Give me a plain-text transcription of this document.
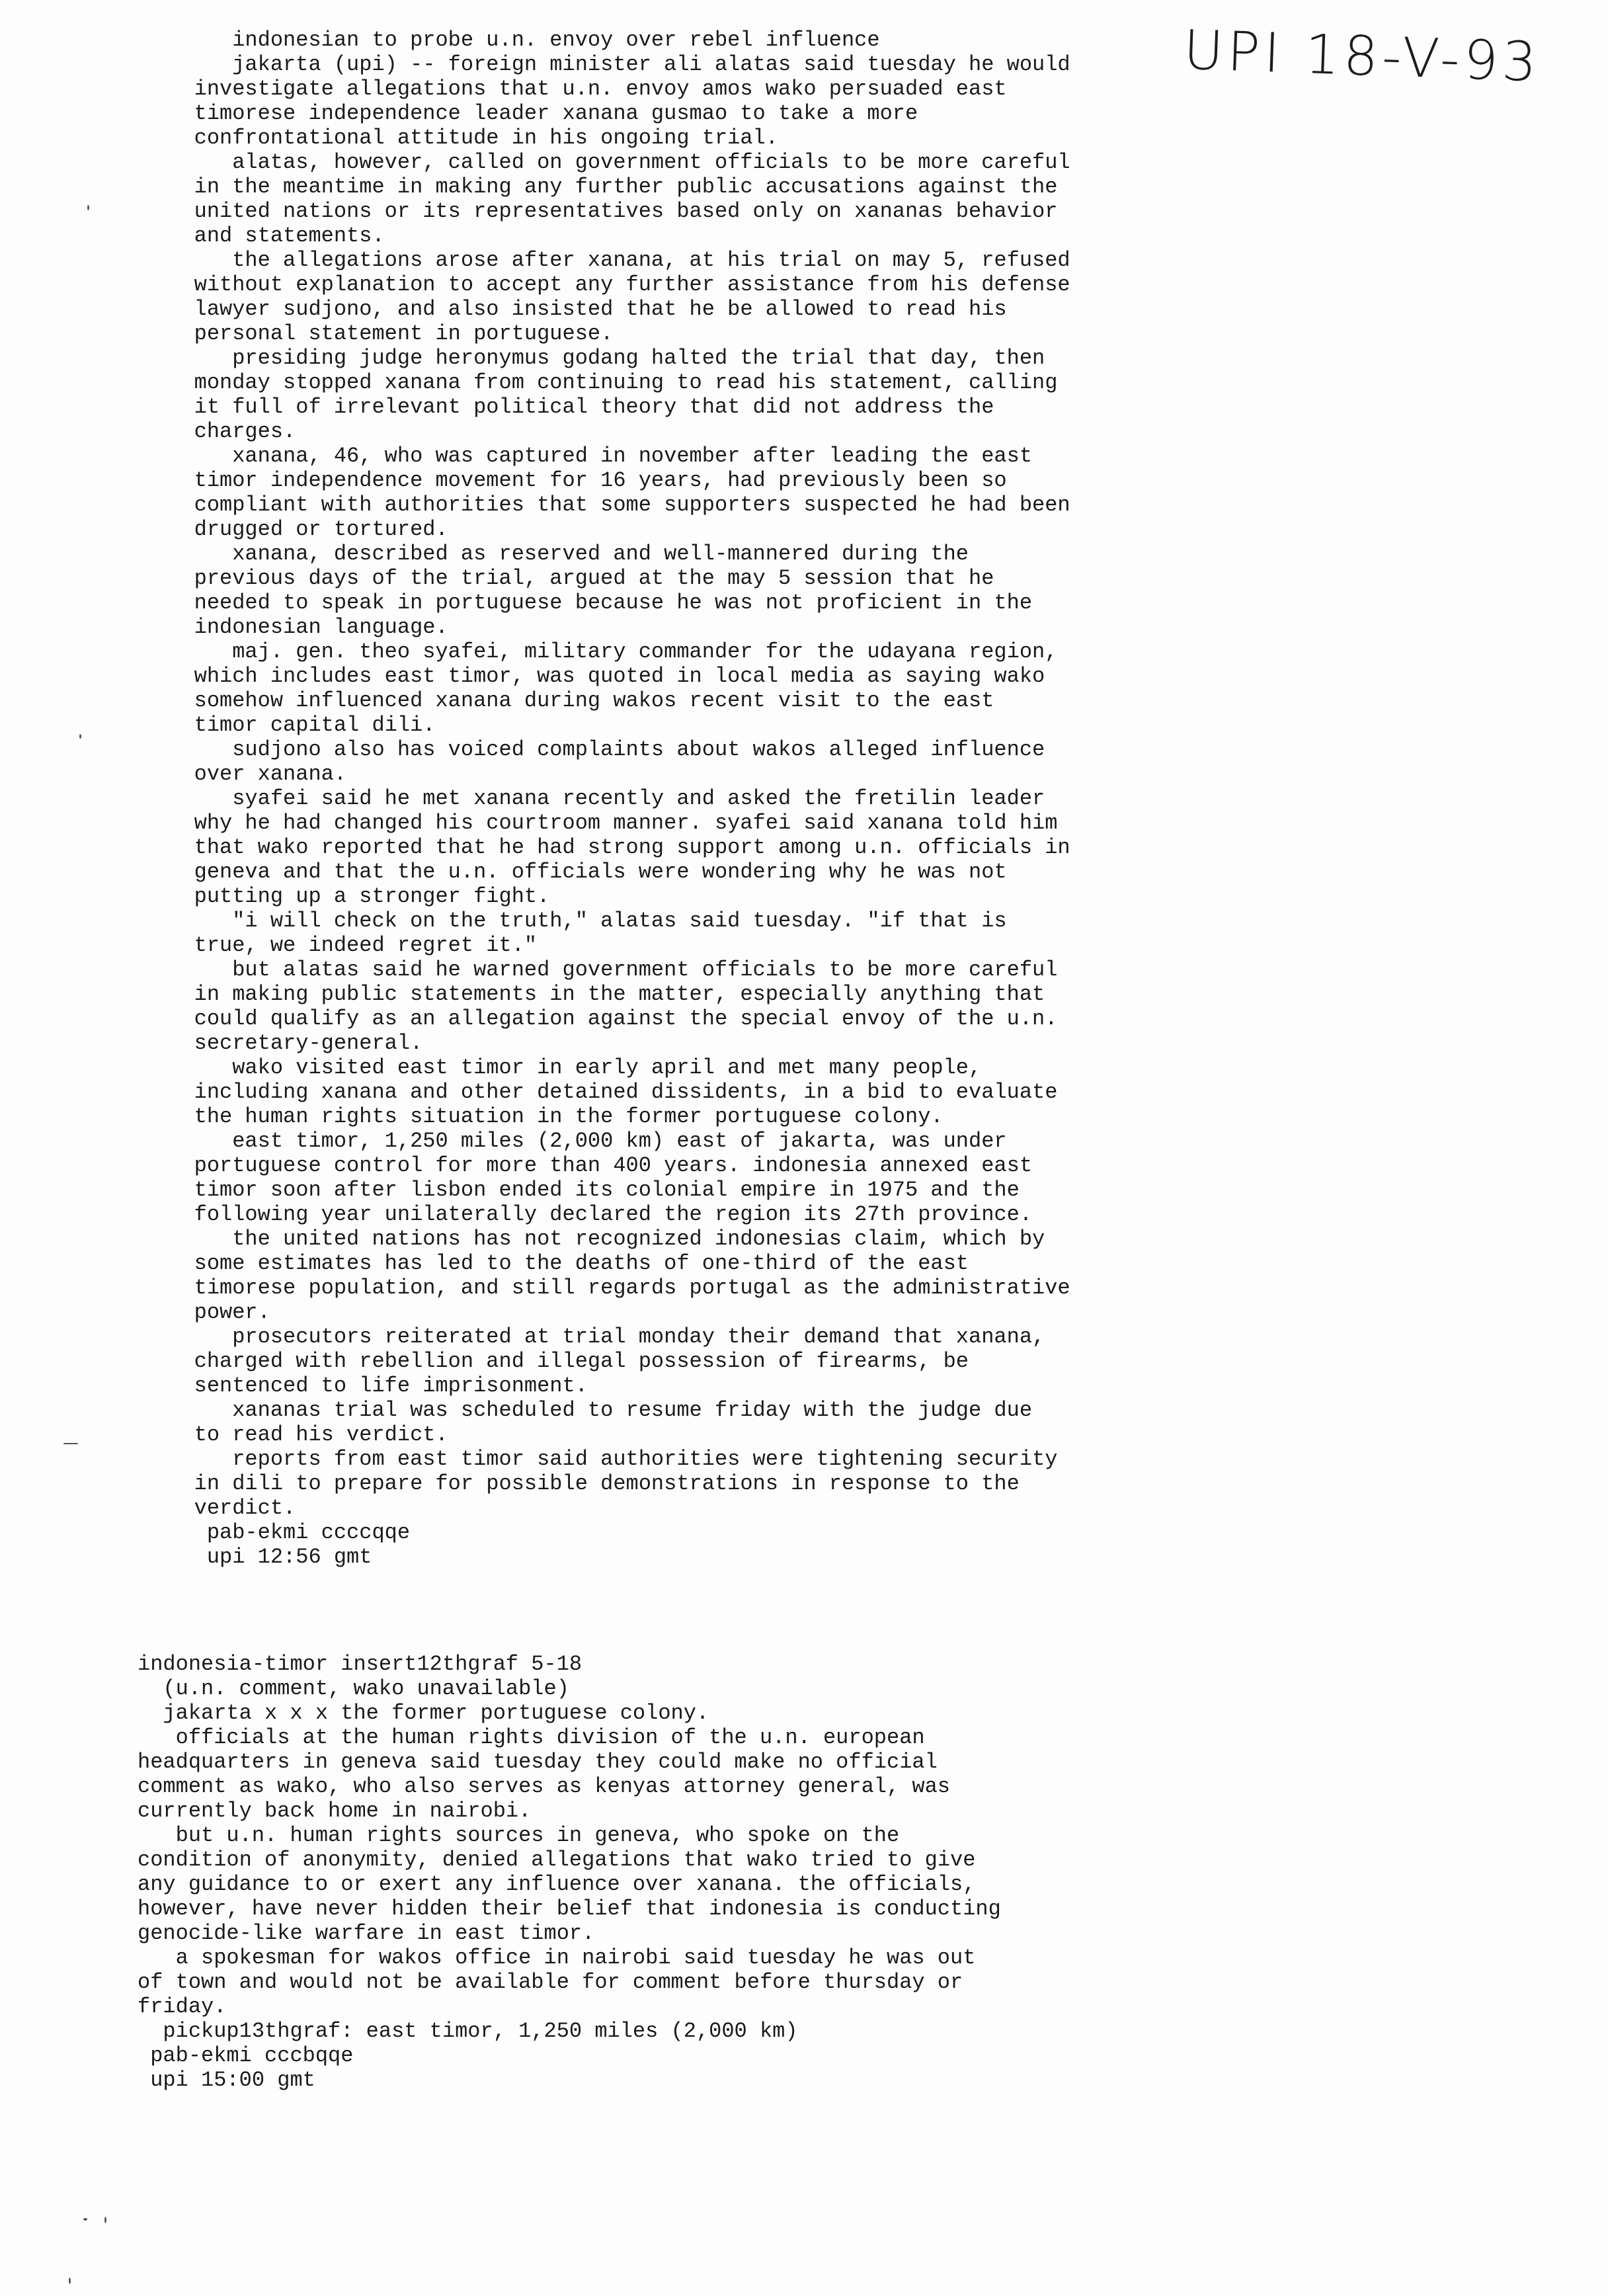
UPI 18-V-93
indonesian to probe u.n. envoy over rebel influence
jakarta (upi) -- foreign minister ali alatas said tuesday he would
investigate allegations that u.n. envoy amos wako persuaded east
timorese independence leader xanana gusmao to take a more
confrontational attitude in his ongoing trial.
alatas, however, called on government officials to be more careful
in the meantime in making any further public accusations against the
united nations or its representatives based only on xananas behavior
and statements.
the allegations arose after xanana, at his trial on may 5, refused
without explanation to accept any further assistance from his defense
lawyer sudjono, and also insisted that he be allowed to read his
personal statement in portuguese.
presiding judge heronymus godang halted the trial that day, then
monday stopped xanana from continuing to read his statement, calling
it full of irrelevant political theory that did not address the
charges.
xanana, 46, who was captured in november after leading the east
timor independence movement for 16 years, had previously been so
compliant with authorities that some supporters suspected he had been
drugged or tortured.
xanana, described as reserved and well-mannered during the
previous days of the trial, argued at the may 5 session that he
needed to speak in portuguese because he was not proficient in the
indonesian language.
maj. gen. theo syafei, military commander for the udayana region,
which includes east timor, was quoted in local media as saying wako
somehow influenced xanana during wakos recent visit to the east
timor capital dili.
sudjono also has voiced complaints about wakos alleged influence
over xanana.
syafei said he met xanana recently and asked the fretilin leader
why he had changed his courtroom manner. syafei said xanana told him
that wako reported that he had strong support among u.n. officials in
geneva and that the u.n. officials were wondering why he was not
putting up a stronger fight.
"i will check on the truth," alatas said tuesday. "if that is
true, we indeed regret it."
but alatas said he warned government officials to be more careful
in making public statements in the matter, especially anything that
could qualify as an allegation against the special envoy of the u.n.
secretary-general.
wako visited east timor in early april and met many people,
including xanana and other detained dissidents, in a bid to evaluate
the human rights situation in the former portuguese colony.
east timor, 1,250 miles (2,000 km) east of jakarta, was under
portuguese control for more than 400 years. indonesia annexed east
timor soon after lisbon ended its colonial empire in 1975 and the
following year unilaterally declared the region its 27th province.
the united nations has not recognized indonesias claim, which by
some estimates has led to the deaths of one-third of the east
timorese population, and still regards portugal as the administrative
power.
prosecutors reiterated at trial monday their demand that xanana,
charged with rebellion and illegal possession of firearms, be
sentenced to life imprisonment.
xananas trial was scheduled to resume friday with the judge due
to read his verdict.
reports from east timor said authorities were tightening security
in dili to prepare for possible demonstrations in response to the
verdict.
pab-ekmi ccccqqe
upi 12:56 gmt
indonesia-timor insert12thgraf 5-18
(u.n. comment, wako unavailable)
jakarta x x x the former portuguese colony.
officials at the human rights division of the u.n. european
headquarters in geneva said tuesday they could make no official
comment as wako, who also serves as kenyas attorney general, was
currently back home in nairobi.
but u.n. human rights sources in geneva, who spoke on the
condition of anonymity, denied allegations that wako tried to give
any guidance to or exert any influence over xanana. the officials,
however, have never hidden their belief that indonesia is conducting
genocide-like warfare in east timor.
a spokesman for wakos office in nairobi said tuesday he was out
of town and would not be available for comment before thursday or
friday.
pickup13thgraf: east timor, 1,250 miles (2,000 km)
pab-ekmi cccbqqe
upi 15:00 gmt
